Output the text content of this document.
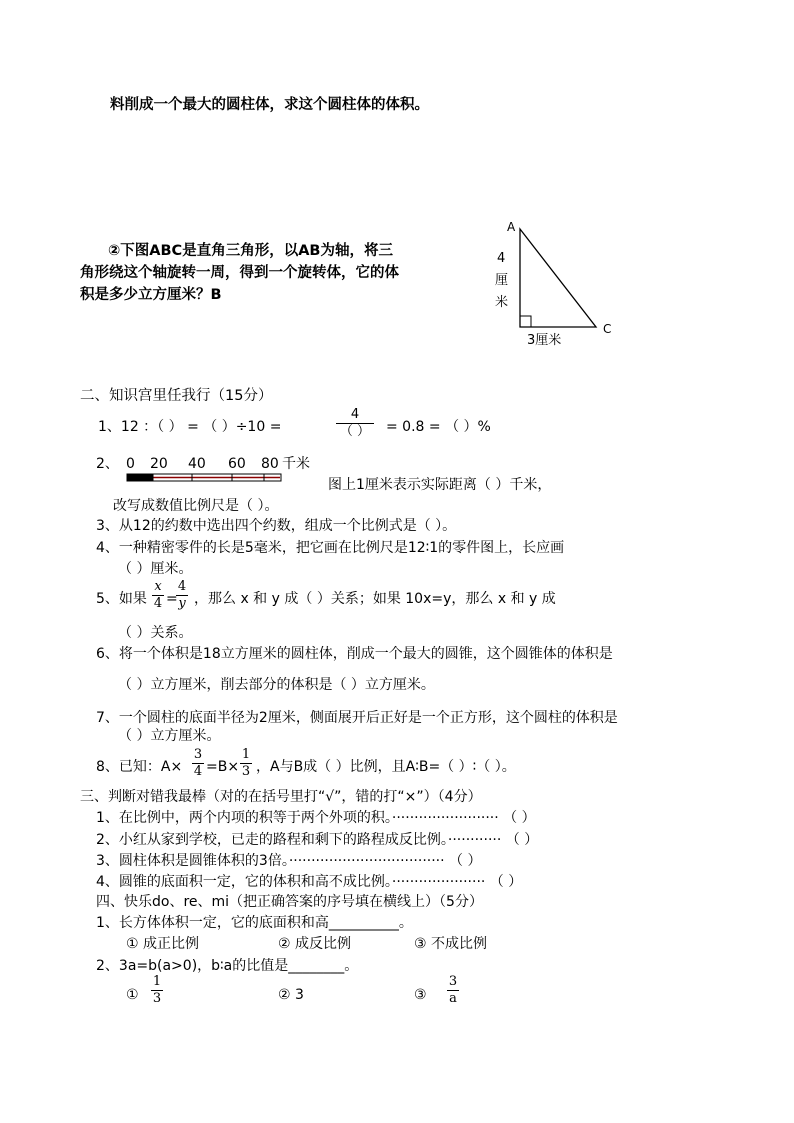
料削成一个最大的圆柱体，求这个圆柱体的体积。
②下图ABC是直角三角形，以AB为轴，将三
角形绕这个轴旋转一周，得到一个旋转体，它的体
积是多少立方厘米？B
A
C
4
厘
米
3厘米
二、知识宫里任我行（15分）
1、12 ：（ ） = （ ）÷10 =
4
（ ） = 0.8 = （ ）%
2、 0 20 40 60 80 千米
图上1厘米表示实际距离（ ）千米，
改写成数值比例尺是（ ）。
3、从12的约数中选出四个约数，组成一个比例式是（ ）。
4、一种精密零件的长是5毫米，把它画在比例尺是12∶1的零件图上，长应画
（ ）厘米。
5、如果
x
4 =
4
y ，那么 x 和 y 成（ ）关系；如果 10x=y，那么 x 和 y 成
（ ）关系。
6、将一个体积是18立方厘米的圆柱体，削成一个最大的圆锥，这个圆锥体的体积是
（ ）立方厘米，削去部分的体积是（ ）立方厘米。
7、一个圆柱的底面半径为2厘米，侧面展开后正好是一个正方形，这个圆柱的体积是
（ ）立方厘米。
8、已知：A×
3
4 =B×
1
3 ，A与B成（ ）比例，且A∶B=（ ）∶（ ）。
三、判断对错我最棒（对的在括号里打“√”，错的打“×”）（4分）
1、在比例中，两个内项的积等于两个外项的积。························ （ ）
2、小红从家到学校，已走的路程和剩下的路程成反比例。············ （ ）
3、圆柱体积是圆锥体积的3倍。··································· （ ）
4、圆锥的底面积一定，它的体积和高不成比例。····················· （ ）
四、快乐do、re、mi（把正确答案的序号填在横线上）（5分）
1、长方体体积一定，它的底面积和高__________。
① 成正比例	② 成反比例	③ 不成比例
2、3a=b(a>0)，b∶a的比值是________。
①
1
3	② 3	③
3
a
